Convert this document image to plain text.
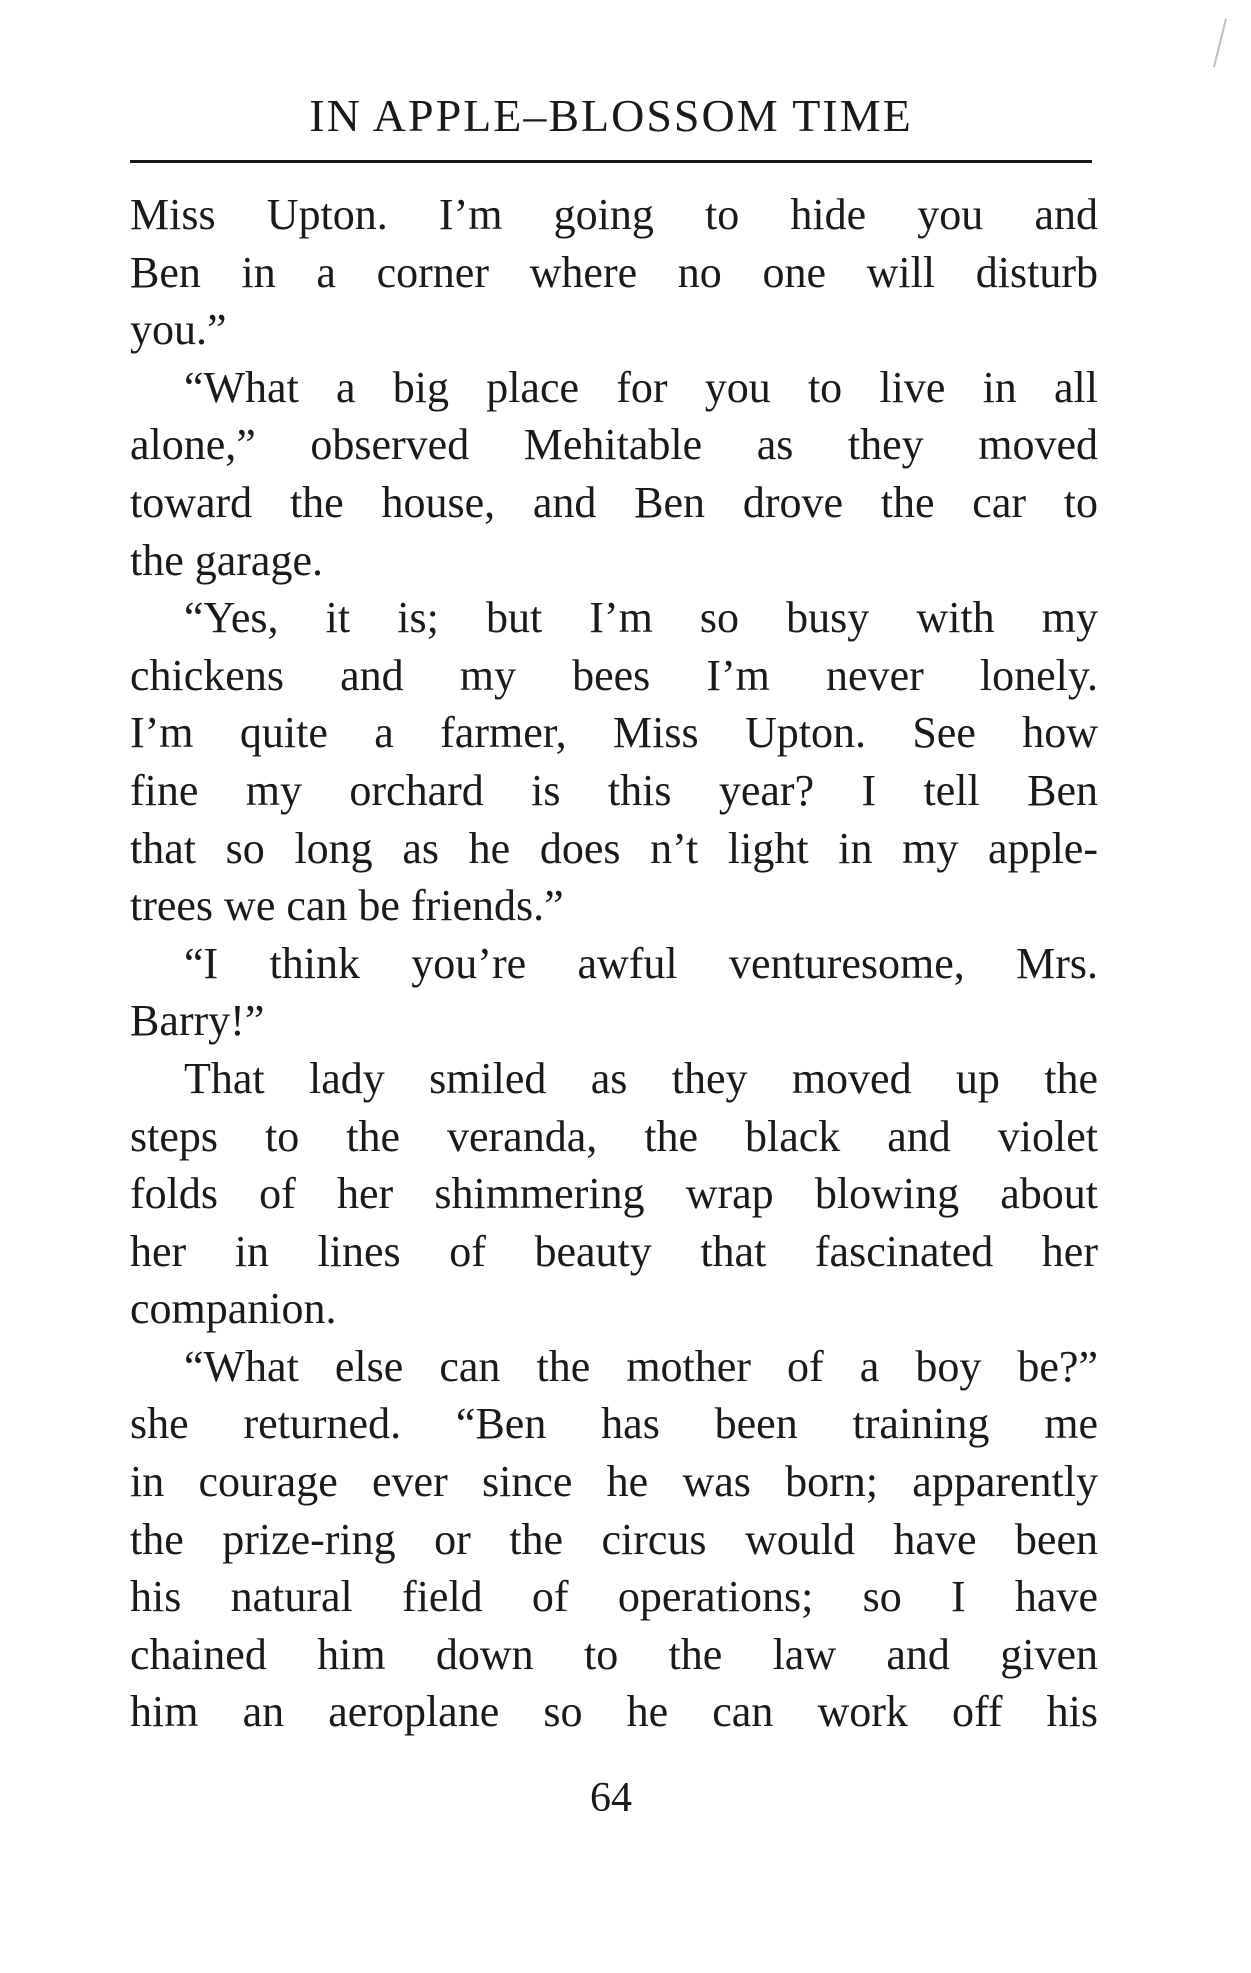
IN APPLE–BLOSSOM TIME
Miss Upton. I’m going to hide you and
Ben in a corner where no one will disturb
you.”
“What a big place for you to live in all
alone,” observed Mehitable as they moved
toward the house, and Ben drove the car to
the garage.
“Yes, it is; but I’m so busy with my
chickens and my bees I’m never lonely.
I’m quite a farmer, Miss Upton. See how
fine my orchard is this year? I tell Ben
that so long as he does n’t light in my apple-
trees we can be friends.”
“I think you’re awful venturesome, Mrs.
Barry!”
That lady smiled as they moved up the
steps to the veranda, the black and violet
folds of her shimmering wrap blowing about
her in lines of beauty that fascinated her
companion.
“What else can the mother of a boy be?”
she returned. “Ben has been training me
in courage ever since he was born; apparently
the prize-ring or the circus would have been
his natural field of operations; so I have
chained him down to the law and given
him an aeroplane so he can work off his
64
